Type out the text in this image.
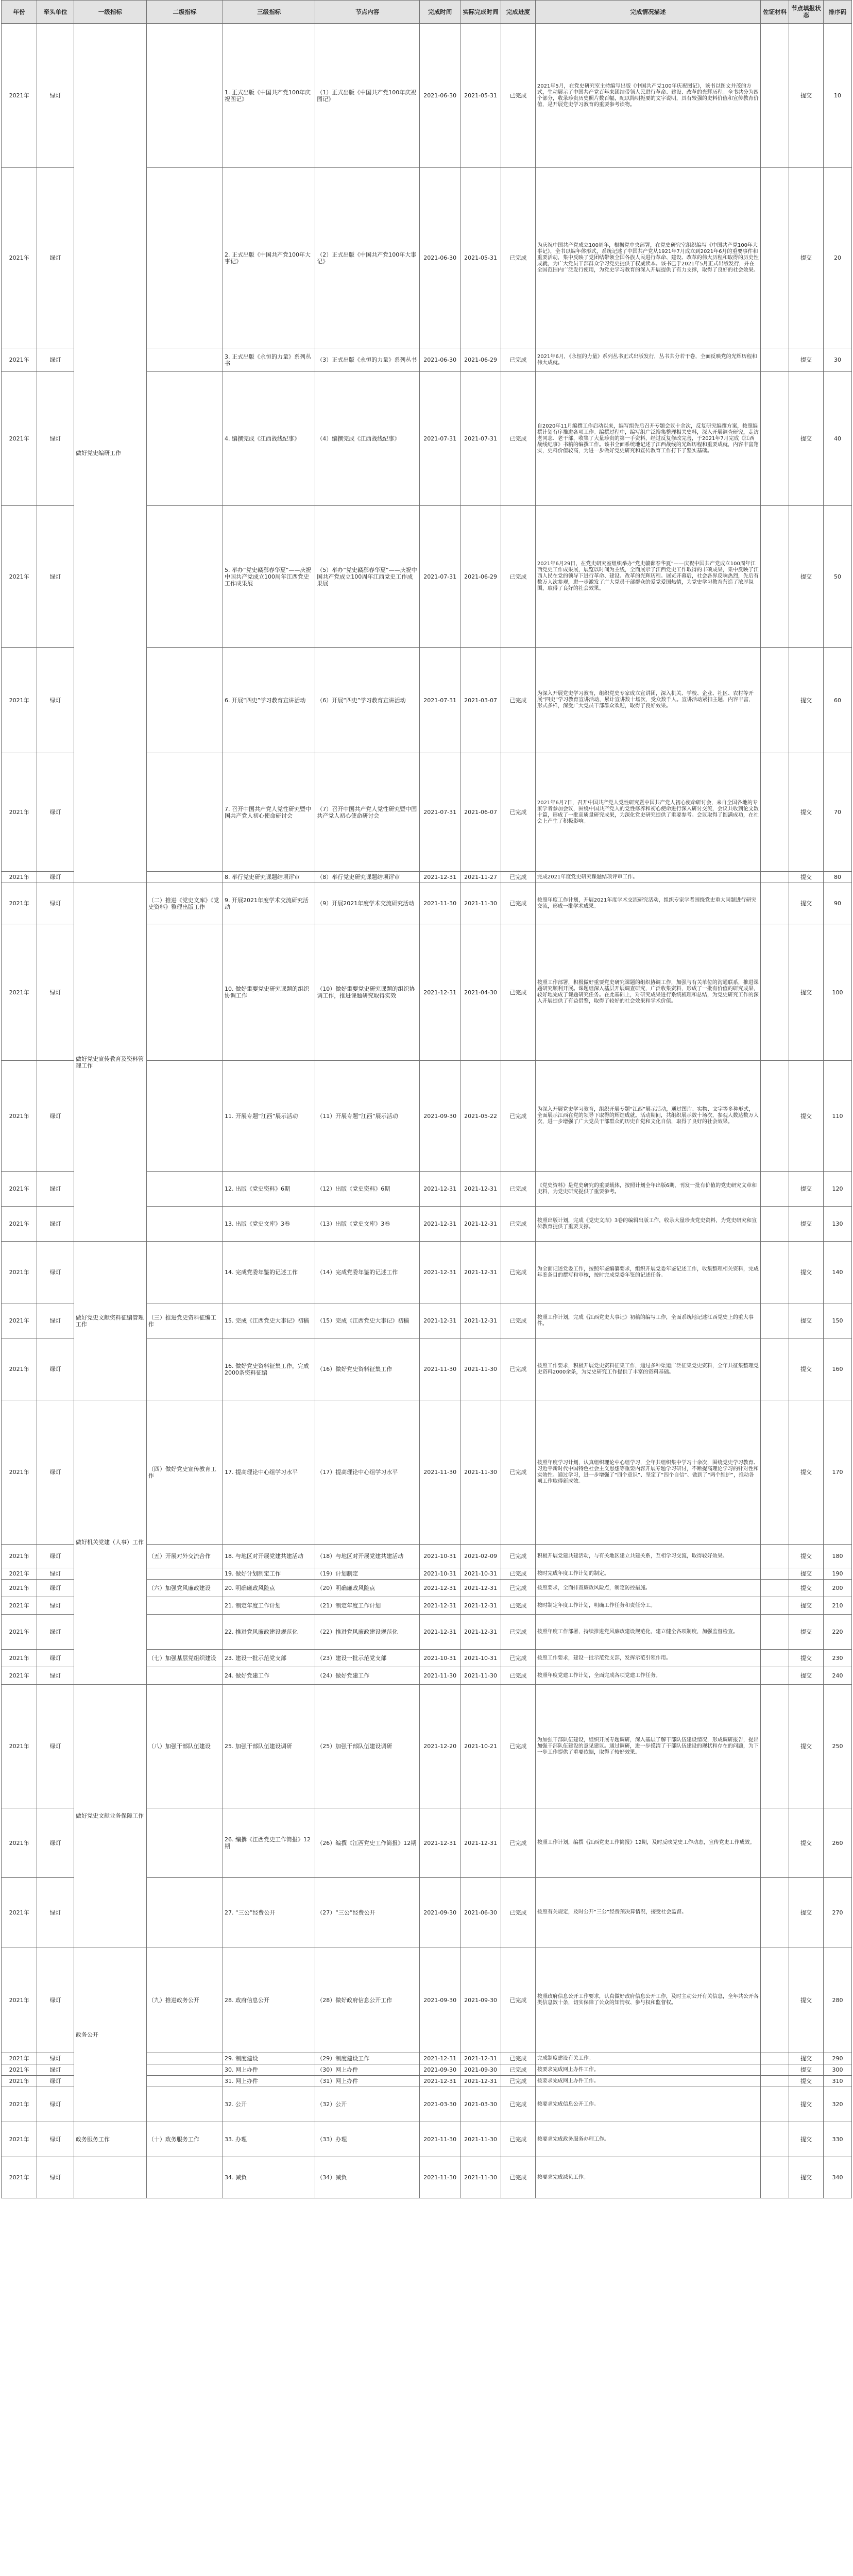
年份	牵头单位	一级指标	二级指标	三级指标	节点内容	完成时间	实际完成时间	完成进度	完成情况描述	佐证材料	节点填报状态	排序码
2021年	绿灯	做好党史编研工作		1. 正式出版《中国共产党100年庆祝图记》	（1）正式出版《中国共产党100年庆祝图记》	2021-06-30	2021-05-31	已完成	2021年5月，在党史研究室主持编写出版《中国共产党100年庆祝图记》，该书以图文并茂的方式，生动展示了中国共产党百年来团结带领人民进行革命、建设、改革的光辉历程。全书共分为四个部分，收录珍贵历史照片数百幅，配以简明扼要的文字说明，具有较强的史料价值和宣传教育价值，是开展党史学习教育的重要参考读物。		提交	10
2021年	绿灯			2. 正式出版《中国共产党100年大事记》	（2）正式出版《中国共产党100年大事记》	2021-06-30	2021-05-31	已完成	为庆祝中国共产党成立100周年，根据党中央部署，在党史研究室组织编写《中国共产党100年大事记》，全书以编年体形式，系统记述了中国共产党从1921年7月成立到2021年6月的重要事件和重要活动，集中反映了党团结带领全国各族人民进行革命、建设、改革的伟大历程和取得的历史性成就，为广大党员干部群众学习党史提供了权威读本。该书已于2021年5月正式出版发行，并在全国范围内广泛发行使用，为党史学习教育的深入开展提供了有力支撑，取得了良好的社会效果。		提交	20
2021年	绿灯			3. 正式出版《永恒的力量》系列丛书	（3）正式出版《永恒的力量》系列丛书	2021-06-30	2021-06-29	已完成	2021年6月，《永恒的力量》系列丛书正式出版发行，丛书共分若干卷，全面反映党的光辉历程和伟大成就。		提交	30
2021年	绿灯			4. 编撰完成《江西战线纪事》	（4）编撰完成《江西战线纪事》	2021-07-31	2021-07-31	已完成	自2020年11月编撰工作启动以来，编写组先后召开专题会议十余次，反复研究编撰方案，按照编撰计划有序推进各项工作。编撰过程中，编写组广泛搜集整理相关史料，深入开展调查研究，走访老同志、老干部，收集了大量珍贵的第一手资料，经过反复修改完善，于2021年7月完成《江西战线纪事》书稿的编撰工作。该书全面系统地记述了江西战线的光辉历程和重要成就，内容丰富翔实，史料价值较高，为进一步做好党史研究和宣传教育工作打下了坚实基础。		提交	40
2021年	绿灯			5. 举办“党史赣鄱春华夏”——庆祝中国共产党成立100周年江西党史工作成果展	（5）举办“党史赣鄱春华夏”——庆祝中国共产党成立100周年江西党史工作成果展	2021-07-31	2021-06-29	已完成	2021年6月29日，在党史研究室组织举办“党史赣鄱春华夏”——庆祝中国共产党成立100周年江西党史工作成果展，展览以时间为主线，全面展示了江西党史工作取得的丰硕成果，集中反映了江西人民在党的领导下进行革命、建设、改革的光辉历程。展览开幕后，社会各界反响热烈，先后有数万人次参观，进一步激发了广大党员干部群众的爱党爱国热情，为党史学习教育营造了浓厚氛围，取得了良好的社会效果。		提交	50
2021年	绿灯			6. 开展“四史”学习教育宣讲活动	（6）开展“四史”学习教育宣讲活动	2021-07-31	2021-03-07	已完成	为深入开展党史学习教育，组织党史专家成立宣讲团，深入机关、学校、企业、社区、农村等开展“四史”学习教育宣讲活动，累计宣讲数十场次，受众数千人。宣讲活动紧扣主题，内容丰富，形式多样，深受广大党员干部群众欢迎，取得了良好效果。		提交	60
2021年	绿灯			7. 召开中国共产党人党性研究暨中国共产党人初心使命研讨会	（7）召开中国共产党人党性研究暨中国共产党人初心使命研讨会	2021-07-31	2021-06-07	已完成	2021年6月7日，召开中国共产党人党性研究暨中国共产党人初心使命研讨会，来自全国各地的专家学者参加会议，围绕中国共产党人的党性修养和初心使命进行深入研讨交流，会议共收到论文数十篇，形成了一批高质量研究成果，为深化党史研究提供了重要参考。会议取得了圆满成功，在社会上产生了积极影响。		提交	70
2021年	绿灯			8. 举行党史研究课题结项评审	（8）举行党史研究课题结项评审	2021-12-31	2021-11-27	已完成	完成2021年度党史研究课题结项评审工作。		提交	80
2021年	绿灯	做好党史宣传教育及资料管理工作	（二）推进《党史文库》《党史资料》整理出版工作	9. 开展2021年度学术交流研究活动	（9）开展2021年度学术交流研究活动	2021-11-30	2021-11-30	已完成	按照年度工作计划，开展2021年度学术交流研究活动，组织专家学者围绕党史重大问题进行研究交流，形成一批学术成果。		提交	90
2021年	绿灯			10. 做好重要党史研究课题的组织协调工作	（10）做好重要党史研究课题的组织协调工作，推进课题研究取得实效	2021-12-31	2021-04-30	已完成	按照工作部署，积极做好重要党史研究课题的组织协调工作，加强与有关单位的沟通联系，推进课题研究顺利开展。课题组深入基层开展调查研究，广泛收集资料，形成了一批有价值的研究成果，较好地完成了课题研究任务。在此基础上，对研究成果进行系统梳理和总结，为党史研究工作的深入开展提供了有益借鉴，取得了较好的社会效果和学术价值。		提交	100
2021年	绿灯			11. 开展专题“江西”展示活动	（11）开展专题“江西”展示活动	2021-09-30	2021-05-22	已完成	为深入开展党史学习教育，组织开展专题“江西”展示活动，通过图片、实物、文字等多种形式，全面展示江西在党的领导下取得的辉煌成就。活动期间，共组织展示数十场次，参观人数达数万人次，进一步增强了广大党员干部群众的历史自觉和文化自信，取得了良好的社会效果。		提交	110
2021年	绿灯			12. 出版《党史资料》6期	（12）出版《党史资料》6期	2021-12-31	2021-12-31	已完成	《党史资料》是党史研究的重要载体，按照计划全年出版6期，刊发一批有价值的党史研究文章和史料，为党史研究提供了重要参考。		提交	120
2021年	绿灯			13. 出版《党史文库》3卷	（13）出版《党史文库》3卷	2021-12-31	2021-12-31	已完成	按照出版计划，完成《党史文库》3卷的编辑出版工作，收录大量珍贵党史资料，为党史研究和宣传教育提供了重要支撑。		提交	130
2021年	绿灯	做好党史文献资料征编管理工作		14. 完成党委年鉴的记述工作	（14）完成党委年鉴的记述工作	2021-12-31	2021-12-31	已完成	为全面记述党委工作，按照年鉴编纂要求，组织开展党委年鉴记述工作，收集整理相关资料，完成年鉴条目的撰写和审核，按时完成党委年鉴的记述任务。		提交	140
2021年	绿灯		（三）推进党史资料征编工作	15. 完成《江西党史大事记》初稿	（15）完成《江西党史大事记》初稿	2021-12-31	2021-12-31	已完成	按照工作计划，完成《江西党史大事记》初稿的编写工作，全面系统地记述江西党史上的重大事件。		提交	150
2021年	绿灯			16. 做好党史资料征集工作，完成2000条资料征编	（16）做好党史资料征集工作	2021-11-30	2021-11-30	已完成	按照工作要求，积极开展党史资料征集工作，通过多种渠道广泛征集党史资料，全年共征集整理党史资料2000余条，为党史研究工作提供了丰富的资料基础。		提交	160
2021年	绿灯	做好机关党建（人事）工作	（四）做好党史宣传教育工作	17. 提高理论中心组学习水平	（17）提高理论中心组学习水平	2021-11-30	2021-11-30	已完成	按照年度学习计划，认真组织理论中心组学习，全年共组织集中学习十余次，围绕党史学习教育、习近平新时代中国特色社会主义思想等重要内容开展专题学习研讨，不断提高理论学习的针对性和实效性。通过学习，进一步增强了“四个意识”、坚定了“四个自信”、做到了“两个维护”，推动各项工作取得新成效。		提交	170
2021年	绿灯		（五）开展对外交流合作	18. 与地区对开展党建共建活动	（18）与地区对开展党建共建活动	2021-10-31	2021-02-09	已完成	积极开展党建共建活动，与有关地区建立共建关系，互相学习交流，取得较好效果。		提交	180
2021年	绿灯			19. 做好计划制定工作	（19）计划制定	2021-10-31	2021-10-31	已完成	按时完成年度工作计划的制定。		提交	190
2021年	绿灯		（六）加强党风廉政建设	20. 明确廉政风险点	（20）明确廉政风险点	2021-12-31	2021-12-31	已完成	按照要求，全面排查廉政风险点，制定防控措施。		提交	200
2021年	绿灯			21. 制定年度工作计划	（21）制定年度工作计划	2021-12-31	2021-12-31	已完成	按时制定年度工作计划，明确工作任务和责任分工。		提交	210
2021年	绿灯			22. 推进党风廉政建设规范化	（22）推进党风廉政建设规范化	2021-12-31	2021-12-31	已完成	按照年度工作部署，持续推进党风廉政建设规范化，建立健全各项制度，加强监督检查。		提交	220
2021年	绿灯		（七）加强基层党组织建设	23. 建设一批示范党支部	（23）建设一批示范党支部	2021-10-31	2021-10-31	已完成	按照工作要求，建设一批示范党支部，发挥示范引领作用。		提交	230
2021年	绿灯			24. 做好党建工作	（24）做好党建工作	2021-11-30	2021-11-30	已完成	按照年度党建工作计划，全面完成各项党建工作任务。		提交	240
2021年	绿灯	做好党史文献业务保障工作	（八）加强干部队伍建设	25. 加强干部队伍建设调研	（25）加强干部队伍建设调研	2021-12-20	2021-10-21	已完成	为加强干部队伍建设，组织开展专题调研，深入基层了解干部队伍建设情况，形成调研报告，提出加强干部队伍建设的意见建议。通过调研，进一步摸清了干部队伍建设的现状和存在的问题，为下一步工作提供了重要依据，取得了较好效果。		提交	250
2021年	绿灯			26. 编撰《江西党史工作简报》12期	（26）编撰《江西党史工作简报》12期	2021-12-31	2021-12-31	已完成	按照工作计划，编撰《江西党史工作简报》12期，及时反映党史工作动态，宣传党史工作成效。		提交	260
2021年	绿灯			27. “三公”经费公开	（27）“三公”经费公开	2021-09-30	2021-06-30	已完成	按照有关规定，及时公开“三公”经费预决算情况，接受社会监督。		提交	270
2021年	绿灯	政务公开	（九）推进政务公开	28. 政府信息公开	（28）做好政府信息公开工作	2021-09-30	2021-09-30	已完成	按照政府信息公开工作要求，认真做好政府信息公开工作，及时主动公开有关信息，全年共公开各类信息数十条，切实保障了公众的知情权、参与权和监督权。		提交	280
2021年	绿灯			29. 制度建设	（29）制度建设工作	2021-12-31	2021-12-31	已完成	完成制度建设有关工作。		提交	290
2021年	绿灯			30. 网上办件	（30）网上办件	2021-09-30	2021-09-30	已完成	按要求完成网上办件工作。		提交	300
2021年	绿灯			31. 网上办件	（31）网上办件	2021-12-31	2021-12-31	已完成	按要求完成网上办件工作。		提交	310
2021年	绿灯			32. 公开	（32）公开	2021-03-30	2021-03-30	已完成	按要求完成信息公开工作。		提交	320
2021年	绿灯	政务服务工作	（十）政务服务工作	33. 办理	（33）办理	2021-11-30	2021-11-30	已完成	按要求完成政务服务办理工作。		提交	330
2021年	绿灯			34. 减负	（34）减负	2021-11-30	2021-11-30	已完成	按要求完成减负工作。		提交	340
